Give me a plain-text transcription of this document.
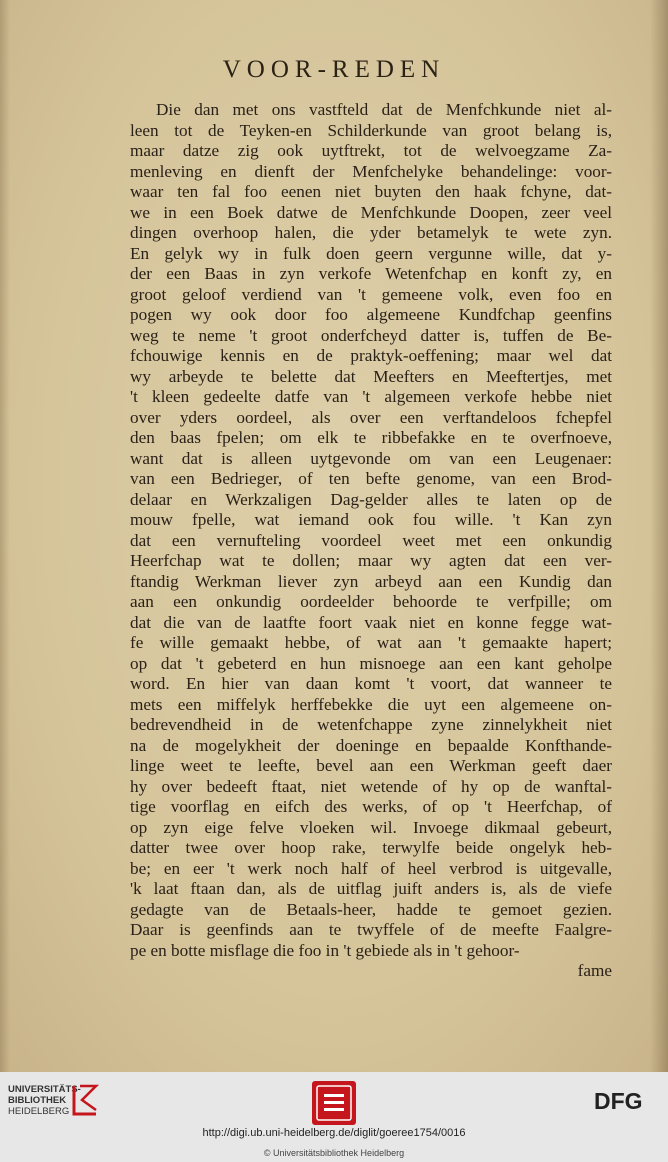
VOOR-REDEN
Die dan met ons vastfteld dat de Menfchkunde niet al-
leen tot de Teyken-en Schilderkunde van groot belang is,
maar datze zig ook uytftrekt, tot de welvoegzame Za-
menleving en dienft der Menfchelyke behandelinge: voor-
waar ten fal foo eenen niet buyten den haak fchyne, dat-
we in een Boek datwe de Menfchkunde Doopen, zeer veel
dingen overhoop halen, die yder betamelyk te wete zyn.
En gelyk wy in fulk doen geern vergunne wille, dat y-
der een Baas in zyn verkofe Wetenfchap en konft zy, en
groot geloof verdiend van 't gemeene volk, even foo en
pogen wy ook door foo algemeene Kundfchap geenfins
weg te neme 't groot onderfcheyd datter is, tuffen de Be-
fchouwige kennis en de praktyk-oeffening; maar wel dat
wy arbeyde te belette dat Meefters en Meeftertjes, met
't kleen gedeelte datfe van 't algemeen verkofe hebbe niet
over yders oordeel, als over een verftandeloos fchepfel
den baas fpelen; om elk te ribbefakke en te overfnoeve,
want dat is alleen uytgevonde om van een Leugenaer:
van een Bedrieger, of ten befte genome, van een Brod-
delaar en Werkzaligen Dag-gelder alles te laten op de
mouw fpelle, wat iemand ook fou wille. 't Kan zyn
dat een vernufteling voordeel weet met een onkundig
Heerfchap wat te dollen; maar wy agten dat een ver-
ftandig Werkman liever zyn arbeyd aan een Kundig dan
aan een onkundig oordeelder behoorde te verfpille; om
dat die van de laatfte foort vaak niet en konne fegge wat-
fe wille gemaakt hebbe, of wat aan 't gemaakte hapert;
op dat 't gebeterd en hun misnoege aan een kant geholpe
word. En hier van daan komt 't voort, dat wanneer te
mets een miffelyk herffebekke die uyt een algemeene on-
bedrevendheid in de wetenfchappe zyne zinnelykheit niet
na de mogelykheit der doeninge en bepaalde Konfthande-
linge weet te leefte, bevel aan een Werkman geeft daer
hy over bedeeft ftaat, niet wetende of hy op de wanftal-
tige voorflag en eifch des werks, of op 't Heerfchap, of
op zyn eige felve vloeken wil. Invoege dikmaal gebeurt,
datter twee over hoop rake, terwylfe beide ongelyk heb-
be; en eer 't werk noch half of heel verbrod is uitgevalle,
'k laat ftaan dan, als de uitflag juift anders is, als de viefe
gedagte van de Betaals-heer, hadde te gemoet gezien.
Daar is geenfinds aan te twyffele of de meefte Faalgre-
pe en botte misflage die foo in 't gebiede als in 't gehoor-
fame
UNIVERSITÄTS-
BIBLIOTHEK
HEIDELBERG	DFG
http://digi.ub.uni-heidelberg.de/diglit/goeree1754/0016
© Universitätsbibliothek Heidelberg
